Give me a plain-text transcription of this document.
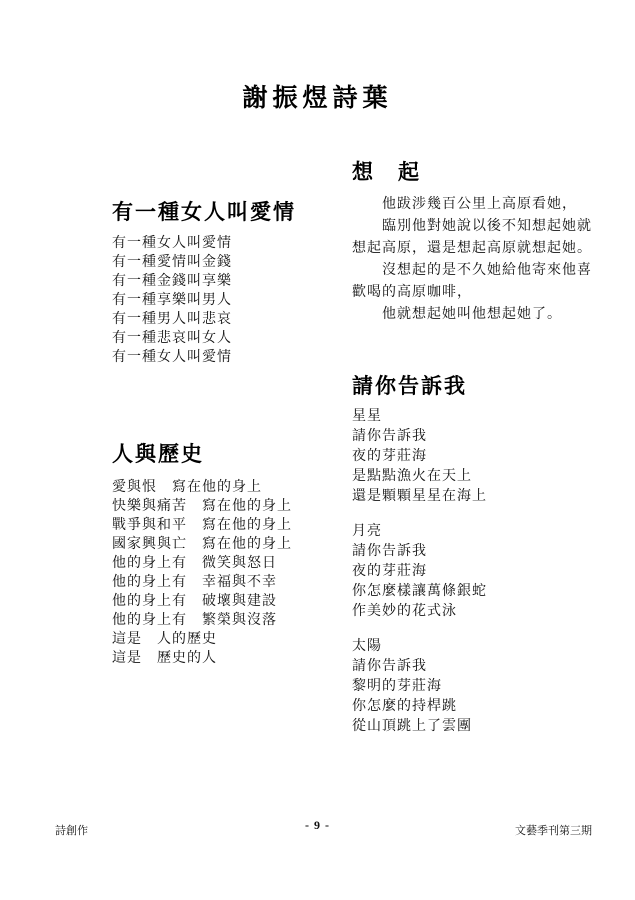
謝振煜詩葉
有一種女人叫愛情
有一種女人叫愛情
有一種愛情叫金錢
有一種金錢叫享樂
有一種享樂叫男人
有一種男人叫悲哀
有一種悲哀叫女人
有一種女人叫愛情
人與歷史
愛與恨　寫在他的身上
快樂與痛苦　寫在他的身上
戰爭與和平　寫在他的身上
國家興與亡　寫在他的身上
他的身上有　微笑與怒日
他的身上有　幸福與不幸
他的身上有　破壞與建設
他的身上有　繁榮與沒落
這是　人的歷史
這是　歷史的人
想　起
　　他跋涉幾百公里上高原看她，
　　臨別他對她說以後不知想起她就
想起高原，還是想起高原就想起她。
　　沒想起的是不久她給他寄來他喜
歡喝的高原咖啡，
　　他就想起她叫他想起她了。
請你告訴我
星星
請你告訴我
夜的芽莊海
是點點漁火在天上
還是顆顆星星在海上
月亮
請你告訴我
夜的芽莊海
你怎麼樣讓萬條銀蛇
作美妙的花式泳
太陽
請你告訴我
黎明的芽莊海
你怎麼的持桿跳
從山頂跳上了雲團
詩創作	- 9 -	文藝季刊第三期
